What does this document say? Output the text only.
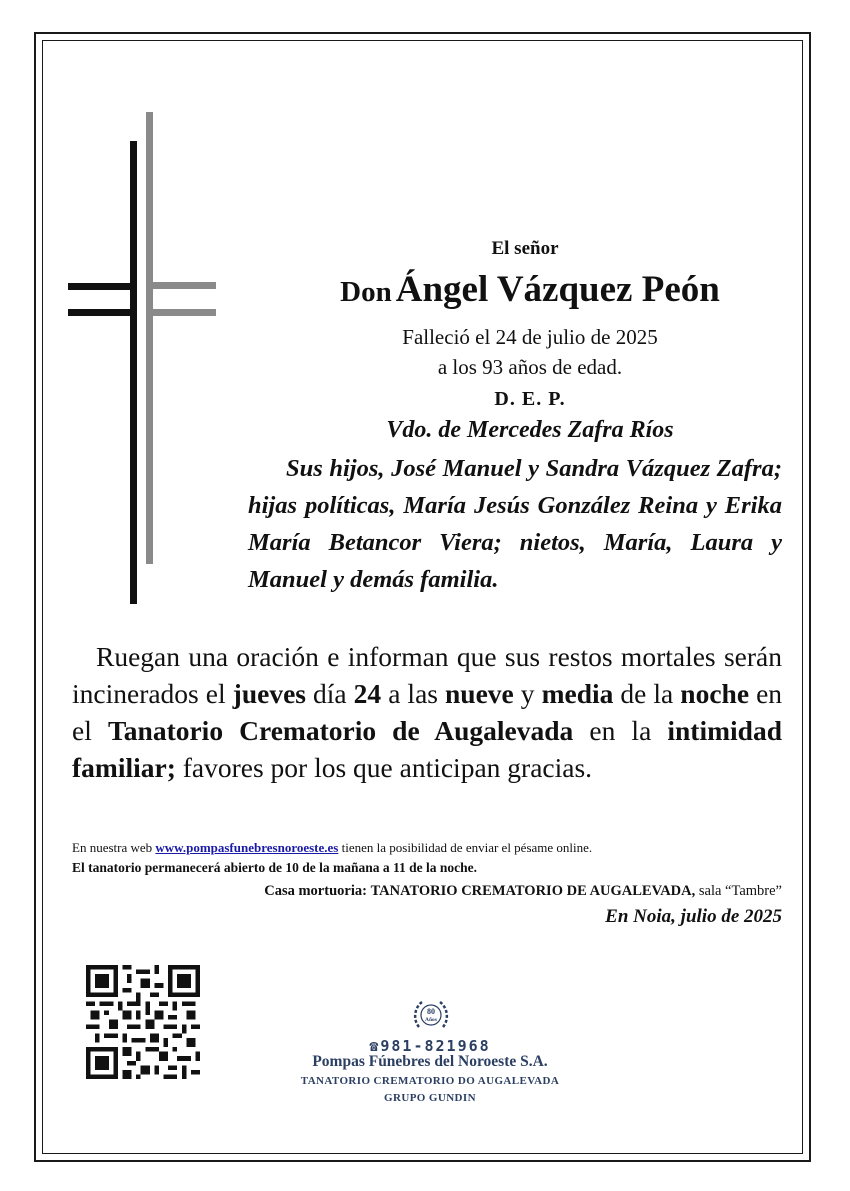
El señor
Don Ángel Vázquez Peón
Falleció el 24 de julio de 2025
a los 93 años de edad.
D. E. P.
Vdo. de Mercedes Zafra Ríos
Sus hijos, José Manuel y Sandra Vázquez Zafra; hijas políticas, María Jesús González Reina y Erika María Betancor Viera; nietos, María, Laura y Manuel y demás familia.
Ruegan una oración e informan que sus restos mortales serán incinerados el jueves día 24 a las nueve y media de la noche en el Tanatorio Crematorio de Augalevada en la intimidad familiar; favores por los que anticipan gracias.
En nuestra web www.pompasfunebresnoroeste.es tienen la posibilidad de enviar el pésame online.
El tanatorio permanecerá abierto de 10 de la mañana a 11 de la noche.
Casa mortuoria: TANATORIO CREMATORIO DE AUGALEVADA, sala “Tambre”
En Noia, julio de 2025
80
Años
☎981-821968
Pompas Fúnebres del Noroeste S.A.
TANATORIO CREMATORIO DO AUGALEVADA
GRUPO GUNDIN
